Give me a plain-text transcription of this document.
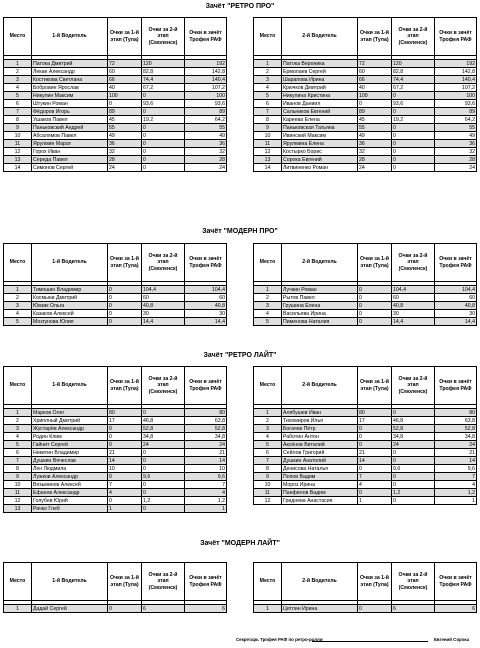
Зачёт "РЕТРО ПРО"
Место	1-й Водитель	Очки за 1-й этап (Тула)	Очки за 2-й этап (Смоленск)	Очки в зачёт Трофея РАФ

1	Патока Дмитрий	72	120	192
2	Лекае Александр	60	82,8	142,8
3	Костикова Светлана	66	74,4	140,4
4	Бобровин Ярослав	40	67,2	107,2
5	Никулин Максим	100	0	100
6	Штукин Роман	0	93,6	93,6
7	Фёдоров Игорь	89	0	89
8	Ушаков Павел	45	19,2	64,2
9	Паньковский Андрей	55	0	55
10	Абсалямов Павел	49	0	49
11	Ярулмин Марат	36	0	36
12	Горох Иван	32	0	32
13	Середа Павел	28	0	28
14	Симонов Сергей	24	0	24
Место	2-й Водитель	Очки за 1-й этап (Тула)	Очки за 2-й этап (Смоленск)	Очки в зачёт Трофея РАФ

1	Патока Вероника	72	120	192
2	Ермолаев Сергей	60	82,8	142,8
3	Шарапова Ирина	66	74,4	140,4
4	Крючков Дмитрий	40	67,2	107,2
5	Никулина Кристина	100	0	100
6	Иванов Даниил	0	93,6	93,6
7	Сальников Евгений	89	0	89
8	Кареева Елена	45	19,2	64,2
9	Паньковская Татьяна	55	0	55
10	Ивинский Максим	49	0	49
11	Ярулмина Елена	36	0	36
12	Костырко Борис	32	0	32
13	Сорока Евгений	28	0	28
14	Литвиненко Роман	24	0	24
Зачёт "МОДЕРН ПРО"
Место	1-й Водитель	Очки за 1-й этап (Тула)	Очки за 2-й этап (Смоленск)	Очки в зачёт Трофея РАФ

1	Тимошин Владимир	0	104,4	104,4
2	Космыни Дмитрий	0	60	60
3	Ювзик Ольга	0	40,8	40,8
4	Казаков Алексей	0	30	30
5	Мозгунова Юлия	0	14,4	14,4
Место	2-й Водитель	Очки за 1-й этап (Тула)	Очки за 2-й этап (Смоленск)	Очки в зачёт Трофея РАФ

1	Лучкин Роман	0	104,4	104,4
2	Рытов Павел	0	60	60
3	Грушина Елена	0	40,8	40,8
4	Васильева Ирина	0	30	30
5	Пименова Наталия	0	14,4	14,4
Зачёт "РЕТРО ЛАЙТ"
Место	1-й Водитель	Очки за 1-й этап (Тула)	Очки за 2-й этап (Смоленск)	Очки в зачёт Трофея РАФ

1	Марков Олег	80	0	80
2	Хриплный Дмитрий	17	46,8	63,8
3	Жустарёв Александр	0	52,8	52,8
4	Родин Клим	0	34,8	34,8
5	Гайнит Сергей	0	24	24
6	Никитин Владимир	21	0	21
7	Душкин Вячеслав	14	0	14
8	Лен Людмила	10	0	10
9	Лужков Александр	0	9,6	9,6
10	Вязьминов Алексей	7	0	7
11	Ефанов Александр	4	0	4
12	Голубев Юрий	0	1,2	1,2
13	Рачко Глеб	1	0	1
Место	2-й Водитель	Очки за 1-й этап (Тула)	Очки за 2-й этап (Смоленск)	Очки в зачёт Трофея РАФ

1	Алябушев Иван	80	0	80
2	Тихомиров Илья	17	46,8	63,8
3	Богачев Пётр	0	52,8	52,8
4	Работин Антон	0	34,8	34,8
5	Аксёнов Виталий	0	24	24
6	Сейлов Григорий	21	0	21
7	Душкин Анатолий	14	0	14
8	Денисова Наталья	0	9,6	9,6
9	Попов Вадим	7	0	7
10	Мороз Ирина	4	0	4
11	Панфилов Вадим	0	1,2	1,2
12	Гриднева Анастасия	1	0	1
Зачёт "МОДЕРН ЛАЙТ"
Место	1-й Водитель	Очки за 1-й этап (Тула)	Очки за 2-й этап (Смоленск)	Очки в зачёт Трофея РАФ

1	Дадай Сергей	0	6	6
Место	2-й Водитель	Очки за 1-й этап (Тула)	Очки за 2-й этап (Смоленск)	Очки в зачёт Трофея РАФ

1	Цетлин Ирина	0	6	6
Секретарь Трофея РАФ по ретро-ралли	Евгений Сорока
